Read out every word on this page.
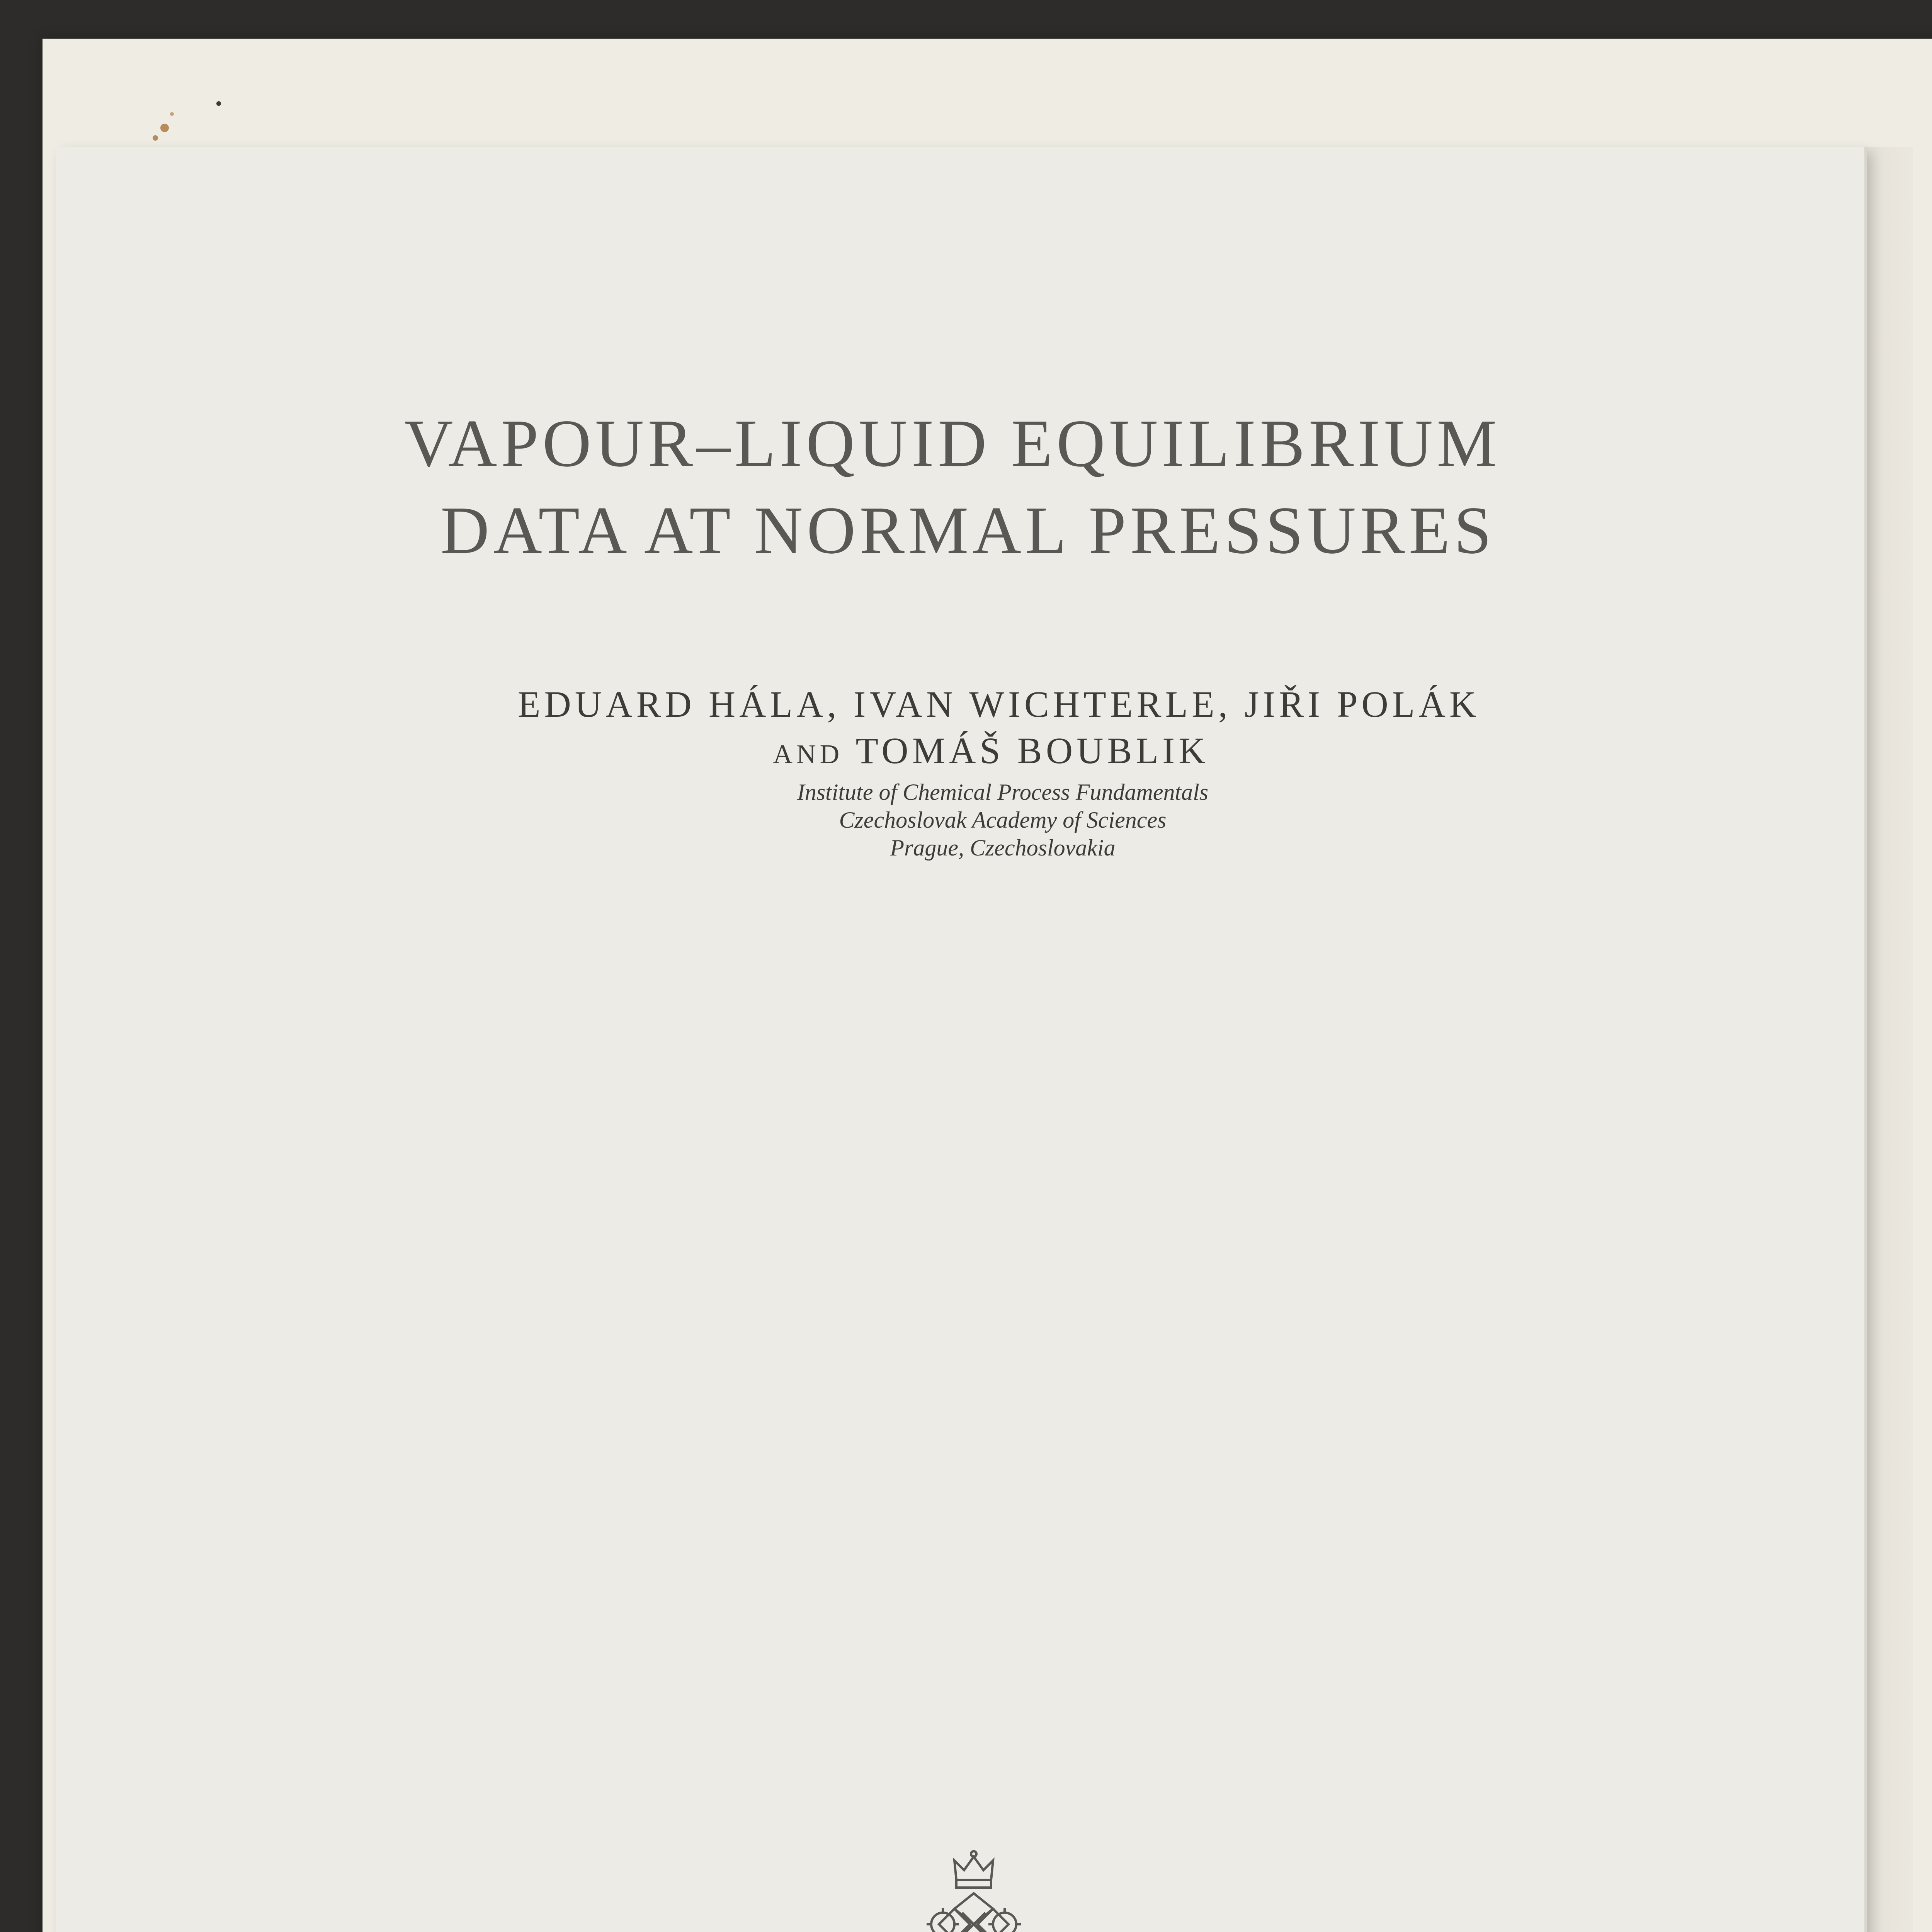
VAPOUR–LIQUID EQUILIBRIUM
DATA AT NORMAL PRESSURES
EDUARD HÁLA, IVAN WICHTERLE, JIŘI POLÁK
AND TOMÁŠ BOUBLIK
Institute of Chemical Process Fundamentals
Czechoslovak Academy of Sciences
Prague, Czechoslovakia
